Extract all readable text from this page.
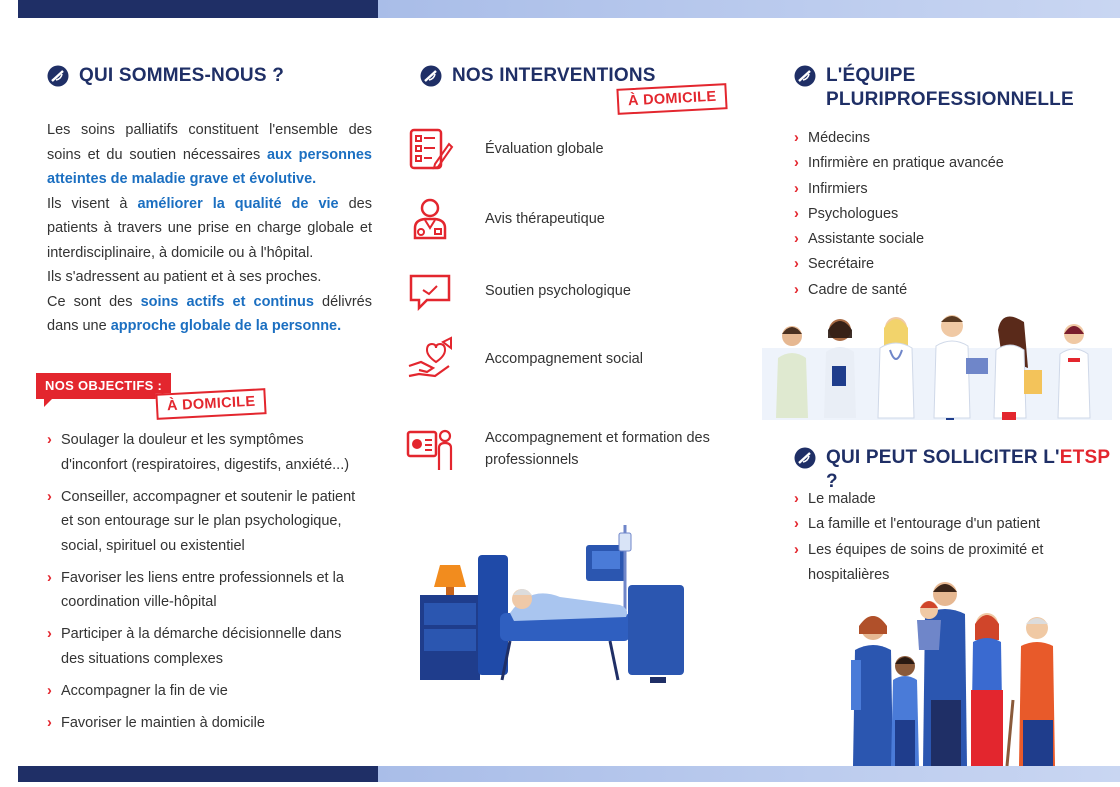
QUI SOMMES-NOUS ?
Les soins palliatifs constituent l'ensemble des soins et du soutien nécessaires aux personnes atteintes de maladie grave et évolutive.
Ils visent à améliorer la qualité de vie des patients à travers une prise en charge globale et interdisciplinaire, à domicile ou à l'hôpital.
Ils s'adressent au patient et à ses proches.
Ce sont des soins actifs et continus délivrés dans une approche globale de la personne.
NOS OBJECTIFS :
À DOMICILE
› Soulager la douleur et les symptômes d'inconfort (respiratoires, digestifs, anxiété...)
› Conseiller, accompagner et soutenir le patient et son entourage sur le plan psychologique, social, spirituel ou existentiel
› Favoriser les liens entre professionnels et la coordination ville-hôpital
› Participer à la démarche décisionnelle dans des situations complexes
› Accompagner la fin de vie
› Favoriser le maintien à domicile
NOS INTERVENTIONS
À DOMICILE
Évaluation globale
Avis thérapeutique
Soutien psychologique
Accompagnement social
Accompagnement et formation des professionnels
L'ÉQUIPE
PLURIPROFESSIONNELLE
› Médecins
› Infirmière en pratique avancée
› Infirmiers
› Psychologues
› Assistante sociale
› Secrétaire
› Cadre de santé
QUI PEUT SOLLICITER L'ETSP ?
› Le malade
› La famille et l'entourage d'un patient
› Les équipes de soins de proximité et hospitalières
